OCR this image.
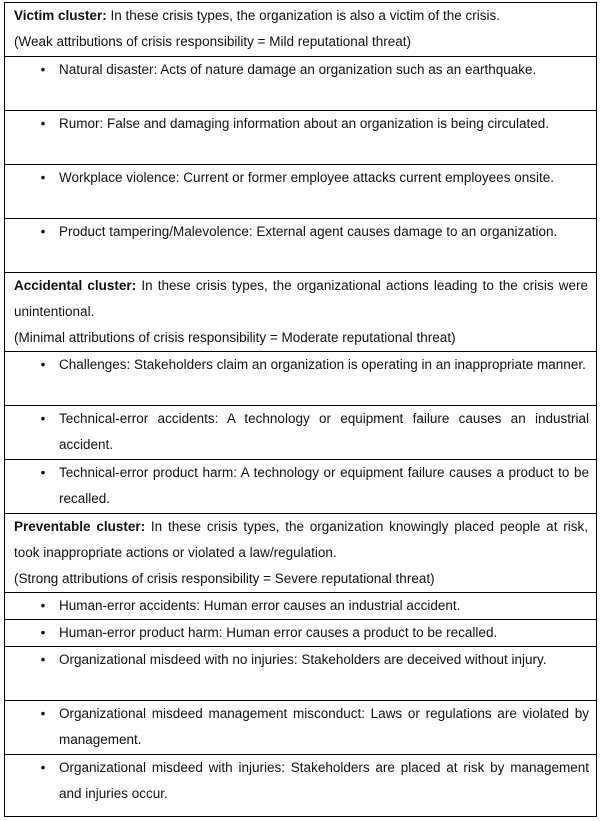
Victim cluster: In these crisis types, the organization is also a victim of the crisis.

(Weak attributions of crisis responsibility = Mild reputational threat)

• Natural disaster: Acts of nature damage an organization such as an earthquake.
• Rumor: False and damaging information about an organization is being circulated.
• Workplace violence: Current or former employee attacks current employees onsite.
• Product tampering/Malevolence: External agent causes damage to an organization.

Accidental cluster: In these crisis types, the organizational actions leading to the crisis were unintentional.

(Minimal attributions of crisis responsibility = Moderate reputational threat)

• Challenges: Stakeholders claim an organization is operating in an inappropriate manner.
• Technical-error accidents: A technology or equipment failure causes an industrial accident.
• Technical-error product harm: A technology or equipment failure causes a product to be recalled.

Preventable cluster: In these crisis types, the organization knowingly placed people at risk, took inappropriate actions or violated a law/regulation.

(Strong attributions of crisis responsibility = Severe reputational threat)

• Human-error accidents: Human error causes an industrial accident.
• Human-error product harm: Human error causes a product to be recalled.
• Organizational misdeed with no injuries: Stakeholders are deceived without injury.
• Organizational misdeed management misconduct: Laws or regulations are violated by management.
• Organizational misdeed with injuries: Stakeholders are placed at risk by management and injuries occur.
